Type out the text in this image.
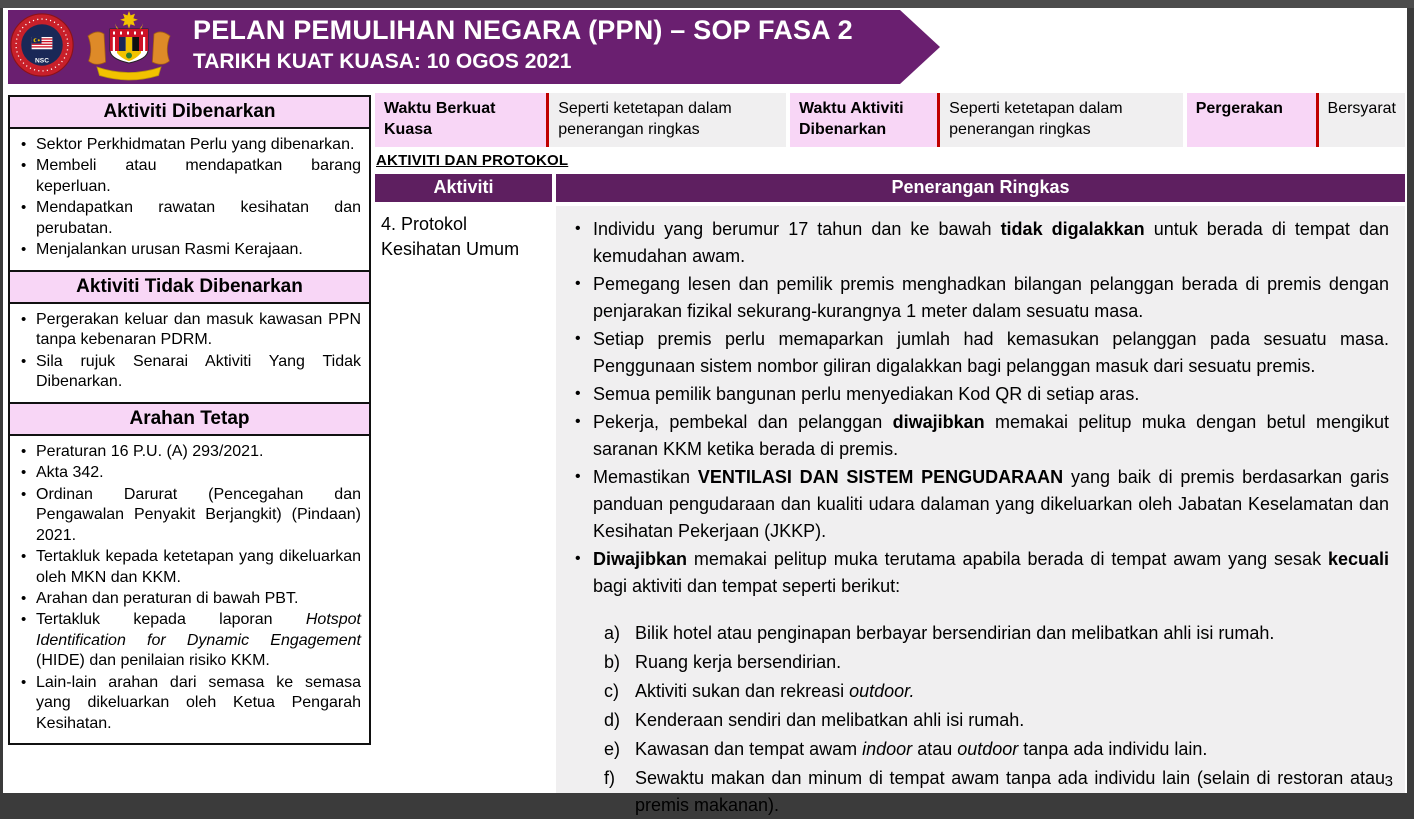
NSC
PELAN PEMULIHAN NEGARA (PPN) – SOP FASA 2
TARIKH KUAT KUASA: 10 OGOS 2021
Aktiviti Dibenarkan
• Sektor Perkhidmatan Perlu yang dibenarkan.
• Membeli atau mendapatkan barang keperluan.
• Mendapatkan rawatan kesihatan dan perubatan.
• Menjalankan urusan Rasmi Kerajaan.
Aktiviti Tidak Dibenarkan
• Pergerakan keluar dan masuk kawasan PPN tanpa kebenaran PDRM.
• Sila rujuk Senarai Aktiviti Yang Tidak Dibenarkan.
Arahan Tetap
• Peraturan 16 P.U. (A) 293/2021.
• Akta 342.
• Ordinan Darurat (Pencegahan dan Pengawalan Penyakit Berjangkit) (Pindaan) 2021.
• Tertakluk kepada ketetapan yang dikeluarkan oleh MKN dan KKM.
• Arahan dan peraturan di bawah PBT.
• Tertakluk kepada laporan Hotspot Identification for Dynamic Engagement (HIDE) dan penilaian risiko KKM.
• Lain-lain arahan dari semasa ke semasa yang dikeluarkan oleh Ketua Pengarah Kesihatan.
Waktu Berkuat Kuasa
Seperti ketetapan dalam penerangan ringkas
Waktu Aktiviti Dibenarkan
Seperti ketetapan dalam penerangan ringkas
Pergerakan	Bersyarat
AKTIVITI DAN PROTOKOL
Aktiviti	Penerangan Ringkas
4. Protokol Kesihatan Umum
• Individu yang berumur 17 tahun dan ke bawah tidak digalakkan untuk berada di tempat dan kemudahan awam.
• Pemegang lesen dan pemilik premis menghadkan bilangan pelanggan berada di premis dengan penjarakan fizikal sekurang-kurangnya 1 meter dalam sesuatu masa.
• Setiap premis perlu memaparkan jumlah had kemasukan pelanggan pada sesuatu masa. Penggunaan sistem nombor giliran digalakkan bagi pelanggan masuk dari sesuatu premis.
• Semua pemilik bangunan perlu menyediakan Kod QR di setiap aras.
• Pekerja, pembekal dan pelanggan diwajibkan memakai pelitup muka dengan betul mengikut saranan KKM ketika berada di premis.
• Memastikan VENTILASI DAN SISTEM PENGUDARAAN yang baik di premis berdasarkan garis panduan pengudaraan dan kualiti udara dalaman yang dikeluarkan oleh Jabatan Keselamatan dan Kesihatan Pekerjaan (JKKP).
• Diwajibkan memakai pelitup muka terutama apabila berada di tempat awam yang sesak kecuali bagi aktiviti dan tempat seperti berikut:
a) Bilik hotel atau penginapan berbayar bersendirian dan melibatkan ahli isi rumah.
b) Ruang kerja bersendirian.
c) Aktiviti sukan dan rekreasi outdoor.
d) Kenderaan sendiri dan melibatkan ahli isi rumah.
e) Kawasan dan tempat awam indoor atau outdoor tanpa ada individu lain.
f)	Sewaktu makan dan minum di tempat awam tanpa ada individu lain (selain di restoran atau premis makanan).
3
